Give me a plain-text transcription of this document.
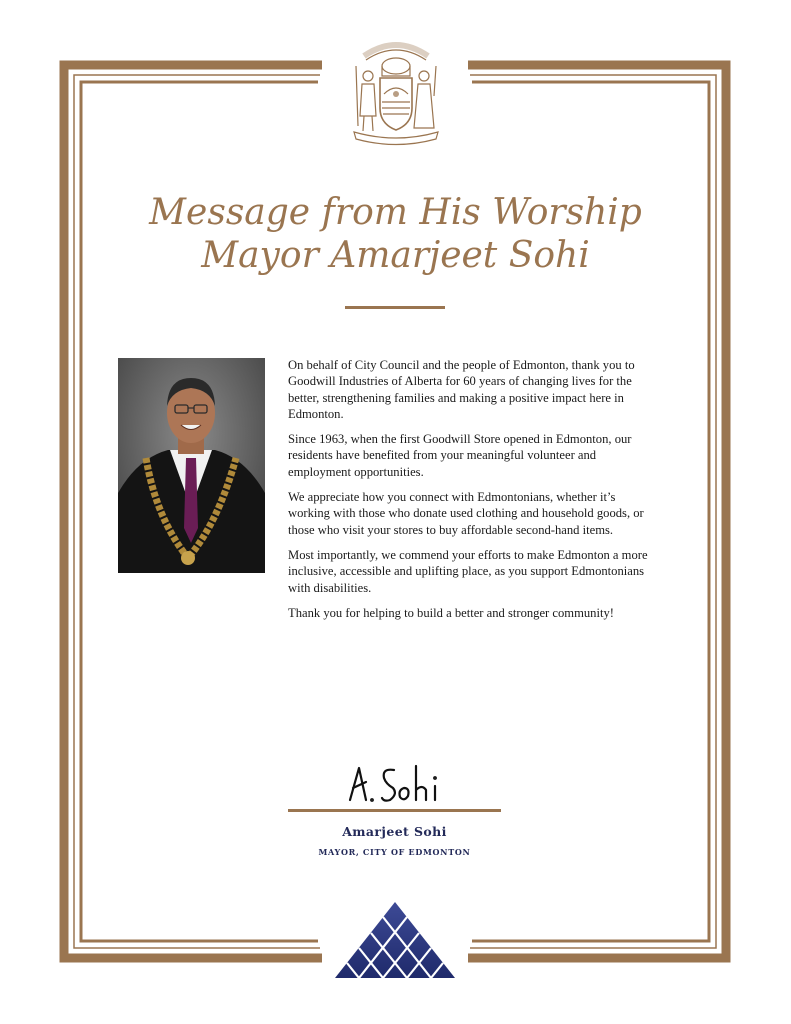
Message from His Worship
Mayor Amarjeet Sohi

On behalf of City Council and the people of Edmonton, thank you to Goodwill Industries of Alberta for 60 years of changing lives for the better, strengthening families and making a positive impact here in Edmonton.

Since 1963, when the first Goodwill Store opened in Edmonton, our residents have benefited from your meaningful volunteer and employment opportunities.

We appreciate how you connect with Edmontonians, whether it’s working with those who donate used clothing and household goods, or those who visit your stores to buy affordable second-hand items.

Most importantly, we commend your efforts to make Edmonton a more inclusive, accessible and uplifting place, as you support Edmontonians with disabilities.

Thank you for helping to build a better and stronger community!

Amarjeet Sohi
MAYOR, CITY OF EDMONTON
